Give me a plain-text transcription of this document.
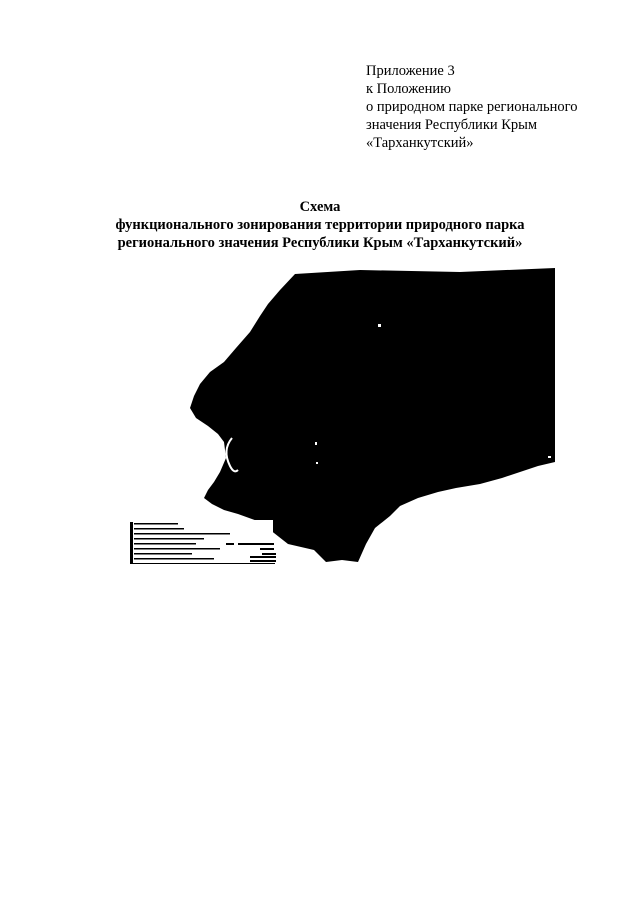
Приложение 3
к Положению
о природном парке регионального
значения Республики Крым
«Тарханкутский»
Схема
функционального зонирования территории природного парка
регионального значения Республики Крым «Тарханкутский»
